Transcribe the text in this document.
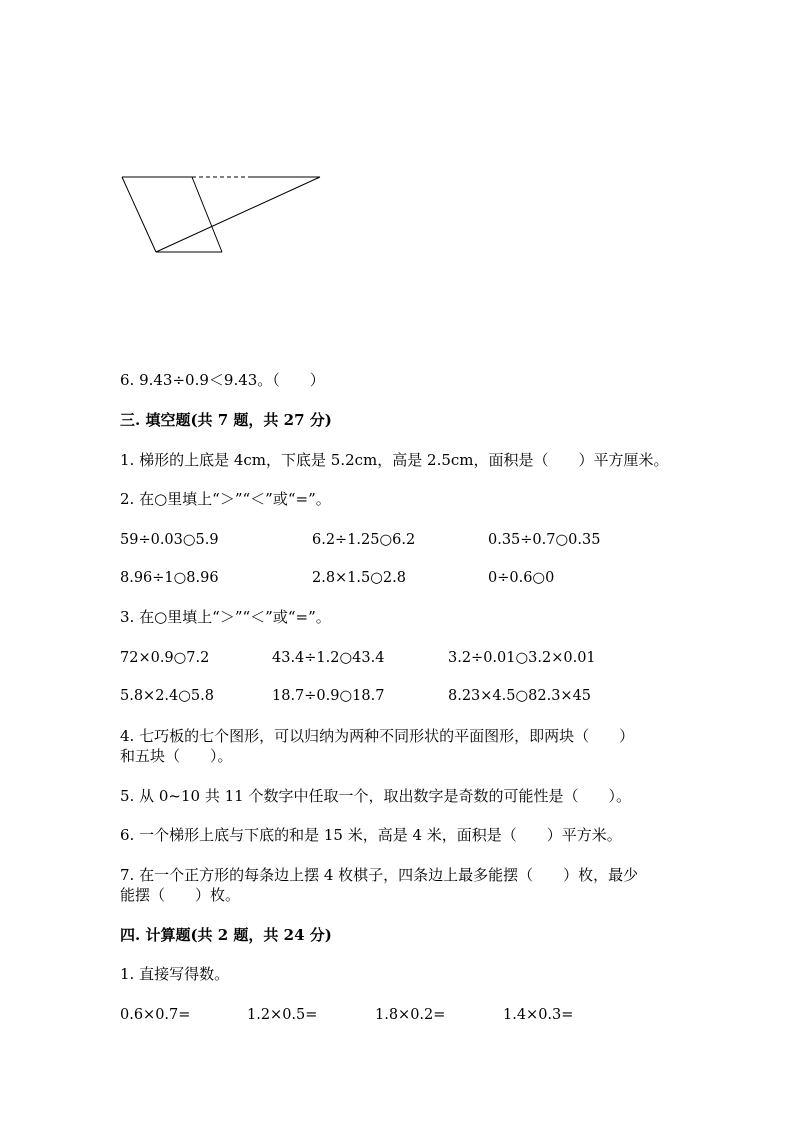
6. 9.43÷0.9＜9.43。（　　）
三. 填空题(共 7 题，共 27 分)
1. 梯形的上底是 4cm，下底是 5.2cm，高是 2.5cm，面积是（　　）平方厘米。
2. 在○里填上“＞”“＜”或“=”。
59÷0.03○5.9	6.2÷1.25○6.2	0.35÷0.7○0.35
8.96÷1○8.96	2.8×1.5○2.8	0÷0.6○0
3. 在○里填上“＞”“＜”或“=”。
72×0.9○7.2	43.4÷1.2○43.4	3.2÷0.01○3.2×0.01
5.8×2.4○5.8	18.7÷0.9○18.7	8.23×4.5○82.3×45
4. 七巧板的七个图形，可以归纳为两种不同形状的平面图形，即两块（　　）
和五块（　　）。
5. 从 0~10 共 11 个数字中任取一个，取出数字是奇数的可能性是（　　）。
6. 一个梯形上底与下底的和是 15 米，高是 4 米，面积是（　　）平方米。
7. 在一个正方形的每条边上摆 4 枚棋子，四条边上最多能摆（　　）枚，最少
能摆（　　）枚。
四. 计算题(共 2 题，共 24 分)
1. 直接写得数。
0.6×0.7=	1.2×0.5=	1.8×0.2=	1.4×0.3=
